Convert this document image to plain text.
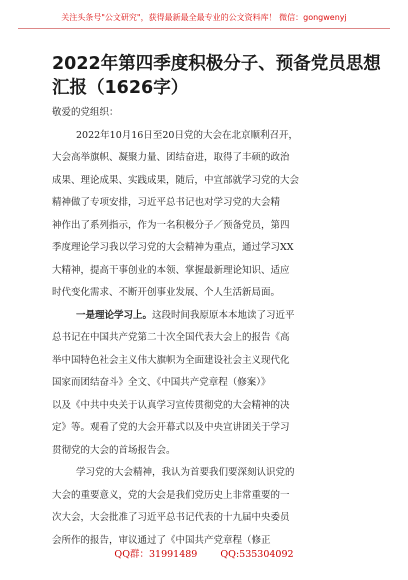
关注头条号"公文研究"，获得最新最全最专业的公文资料库！ 微信：gongwenyj
2022年第四季度积极分子、预备党员思想
汇报（1626字）
敬爱的党组织：
2022年10月16日至20日党的大会在北京顺利召开，
大会高举旗帜、凝聚力量、团结奋进，取得了丰硕的政治
成果、理论成果、实践成果，随后，中宣部就学习党的大会
精神做了专项安排，习近平总书记也对学习党的大会精
神作出了系列指示，作为一名积极分子／预备党员，第四
季度理论学习我以学习党的大会精神为重点，通过学习XX
大精神，提高干事创业的本领、掌握最新理论知识、适应
时代变化需求、不断开创事业发展、个人生活新局面。
一是理论学习上。这段时间我原原本本地读了习近平
总书记在中国共产党第二十次全国代表大会上的报告《高
举中国特色社会主义伟大旗帜为全面建设社会主义现代化
国家而团结奋斗》全文、《中国共产党章程（修案）》
以及《中共中央关于认真学习宣传贯彻党的大会精神的决
定》等。观看了党的大会开幕式以及中央宣讲团关于学习
贯彻党的大会的首场报告会。
学习党的大会精神，我认为首要我们要深刻认识党的
大会的重要意义，党的大会是我们党历史上非常重要的一
次大会，大会批准了习近平总书记代表的十九届中央委员
会所作的报告，审议通过了《中国共产党章程（修正
QQ群：31991489 QQ:535304092
